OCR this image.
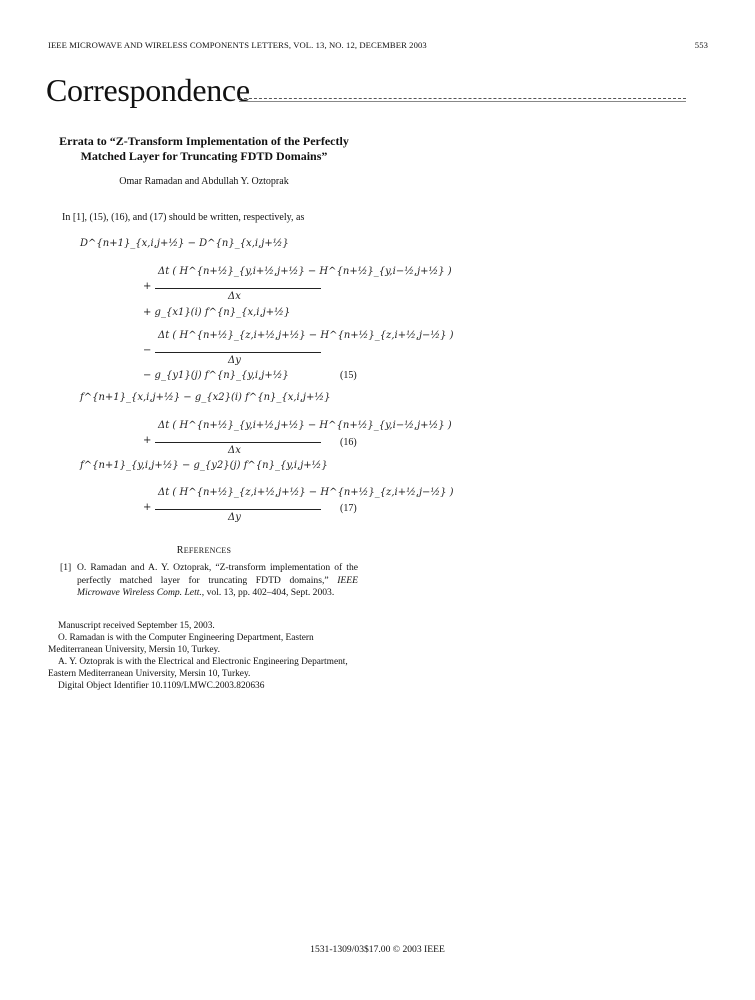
IEEE MICROWAVE AND WIRELESS COMPONENTS LETTERS, VOL. 13, NO. 12, DECEMBER 2003	553
Correspondence
Errata to “Z-Transform Implementation of the Perfectly
Matched Layer for Truncating FDTD Domains”
Omar Ramadan and Abdullah Y. Oztoprak
In [1], (15), (16), and (17) should be written, respectively, as
D^{n+1}_{x,i,j+½} − D^{n}_{x,i,j+½}
Δt ( H^{n+½}_{y,i+½,j+½} − H^{n+½}_{y,i−½,j+½} )
+
Δx
+ g_{x1}(i) f^{n}_{x,i,j+½}
Δt ( H^{n+½}_{z,i+½,j+½} − H^{n+½}_{z,i+½,j−½} )
−
Δy
− g_{y1}(j) f^{n}_{y,i,j+½}	(15)
f^{n+1}_{x,i,j+½} − g_{x2}(i) f^{n}_{x,i,j+½}
Δt ( H^{n+½}_{y,i+½,j+½} − H^{n+½}_{y,i−½,j+½} )
+
Δx
(16)
f^{n+1}_{y,i,j+½} − g_{y2}(j) f^{n}_{y,i,j+½}
Δt ( H^{n+½}_{z,i+½,j+½} − H^{n+½}_{z,i+½,j−½} )
+
Δy
(17)
REFERENCES
[1] O. Ramadan and A. Y. Oztoprak, “Z-transform implementation of the perfectly matched layer for truncating FDTD domains,” IEEE Microwave Wireless Comp. Lett., vol. 13, pp. 402–404, Sept. 2003.

Manuscript received September 15, 2003.

O. Ramadan is with the Computer Engineering Department, Eastern Mediterranean University, Mersin 10, Turkey.

A. Y. Oztoprak is with the Electrical and Electronic Engineering Department, Eastern Mediterranean University, Mersin 10, Turkey.

Digital Object Identifier 10.1109/LMWC.2003.820636

1531-1309/03$17.00 © 2003 IEEE
